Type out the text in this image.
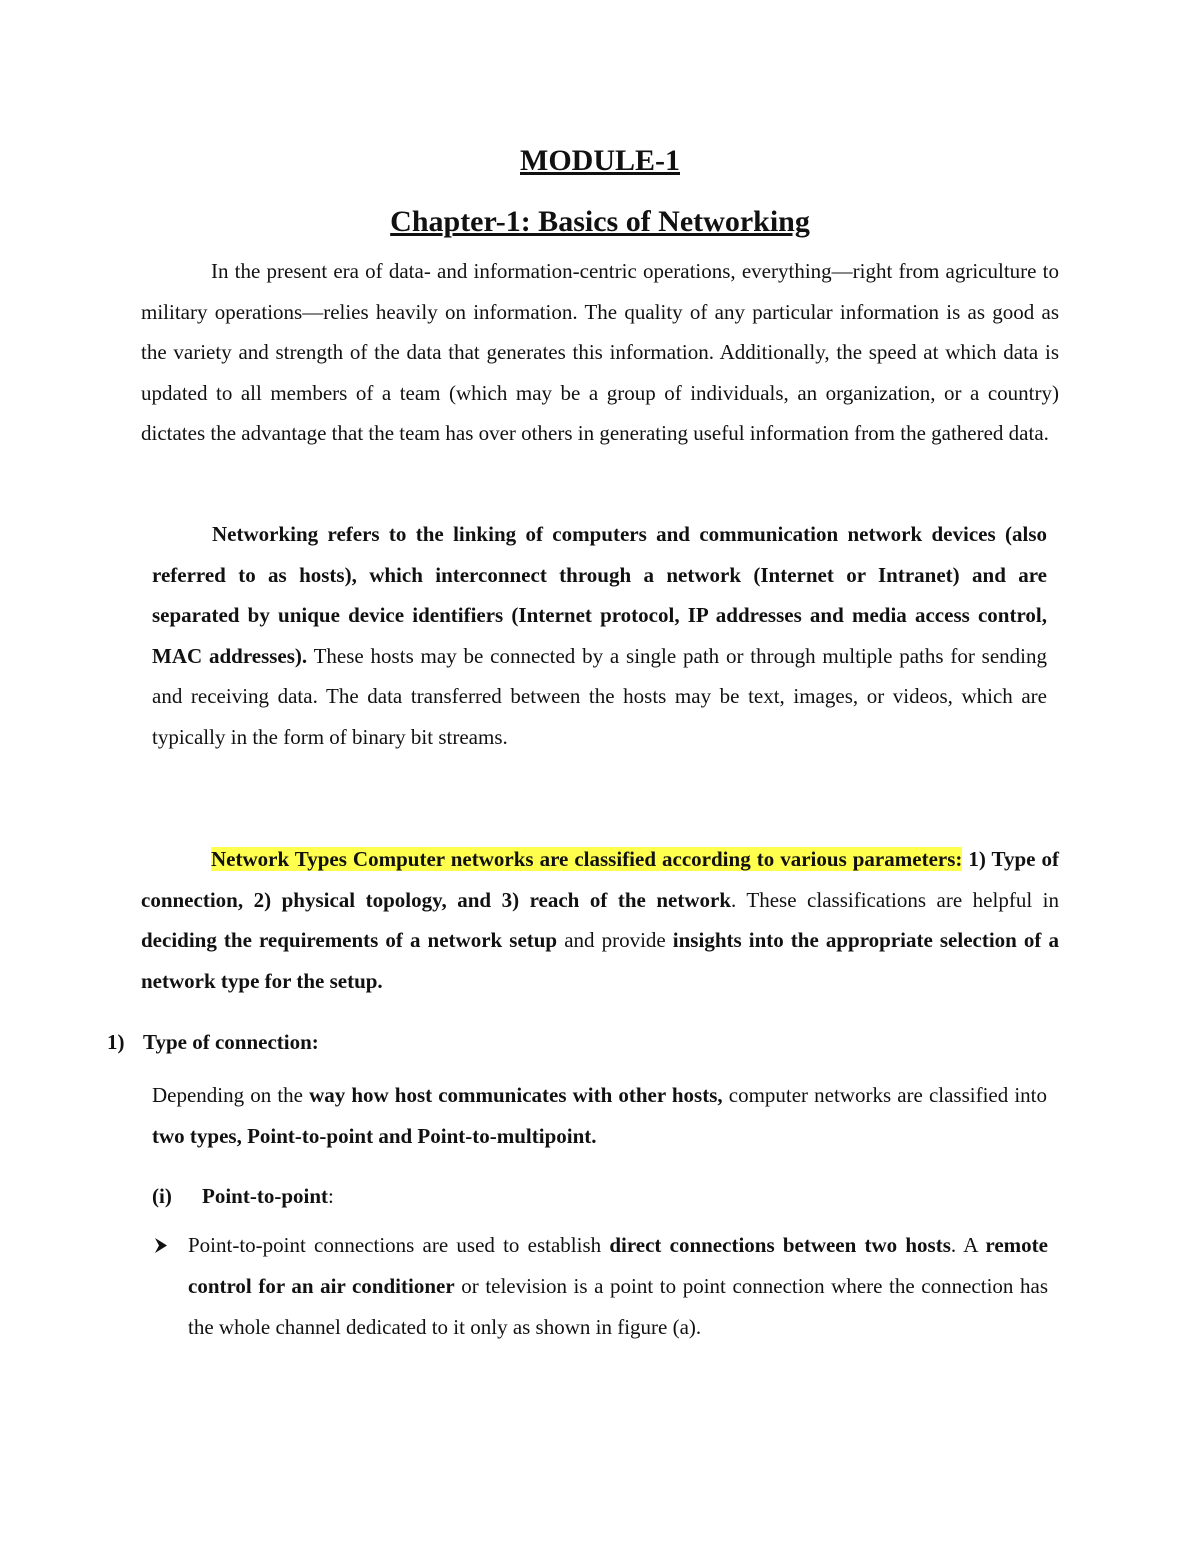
MODULE-1
Chapter-1: Basics of Networking
In the present era of data- and information-centric operations, everything—right from agriculture to military operations—relies heavily on information. The quality of any particular information is as good as the variety and strength of the data that generates this information. Additionally, the speed at which data is updated to all members of a team (which may be a group of individuals, an organization, or a country) dictates the advantage that the team has over others in generating useful information from the gathered data.
Networking refers to the linking of computers and communication network devices (also referred to as hosts), which interconnect through a network (Internet or Intranet) and are separated by unique device identifiers (Internet protocol, IP addresses and media access control, MAC addresses). These hosts may be connected by a single path or through multiple paths for sending and receiving data. The data transferred between the hosts may be text, images, or videos, which are typically in the form of binary bit streams.
Network Types Computer networks are classified according to various parameters: 1) Type of connection, 2) physical topology, and 3) reach of the network. These classifications are helpful in deciding the requirements of a network setup and provide insights into the appropriate selection of a network type for the setup.
1) Type of connection:
Depending on the way how host communicates with other hosts, computer networks are classified into two types, Point-to-point and Point-to-multipoint.
(i) Point-to-point:
Point-to-point connections are used to establish direct connections between two hosts. A remote control for an air conditioner or television is a point to point connection where the connection has the whole channel dedicated to it only as shown in figure (a).
